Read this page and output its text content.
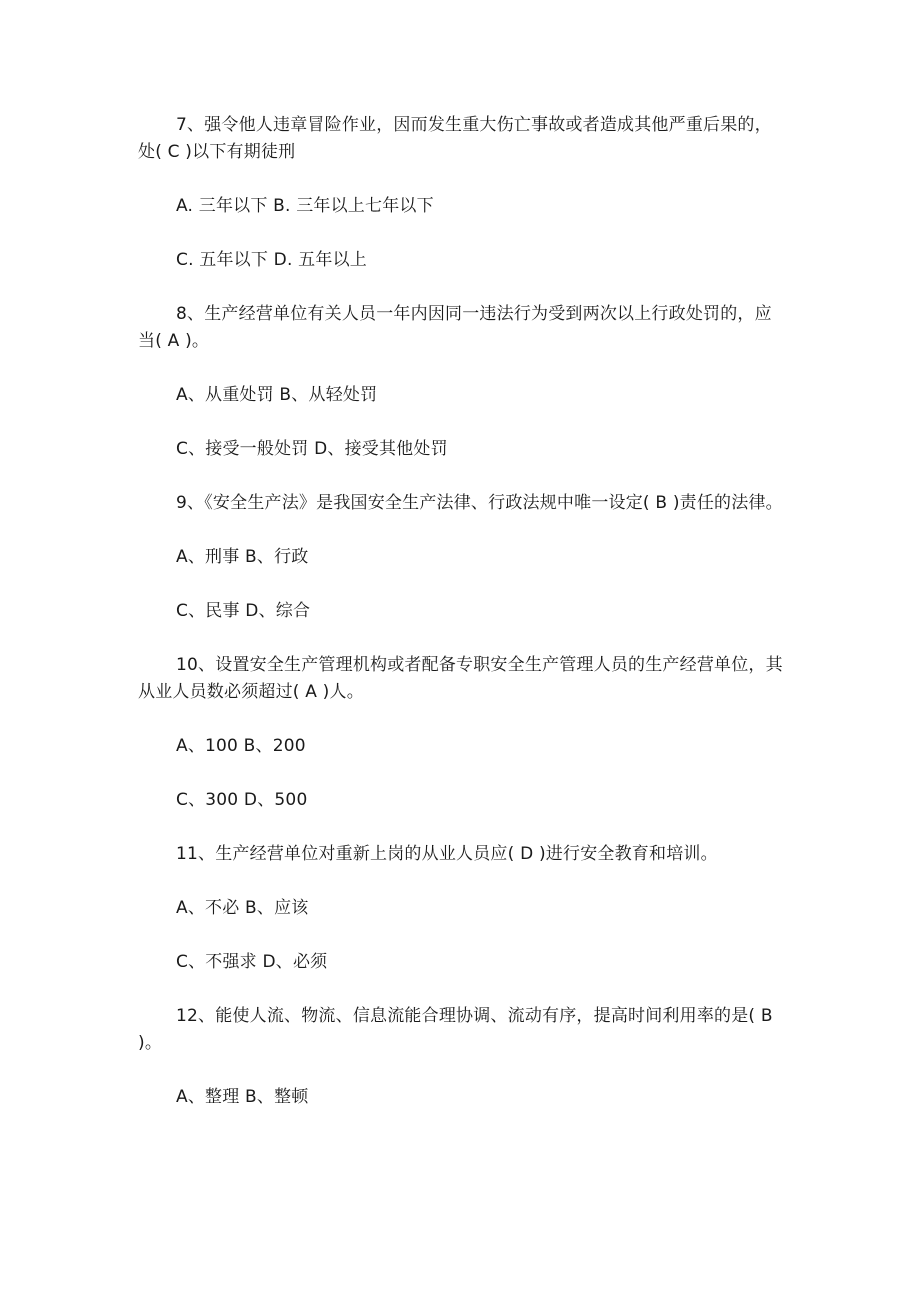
7、强令他人违章冒险作业，因而发生重大伤亡事故或者造成其他严重后果的，处( C )以下有期徒刑

A. 三年以下 B. 三年以上七年以下

C. 五年以下 D. 五年以上

8、生产经营单位有关人员一年内因同一违法行为受到两次以上行政处罚的，应当( A )。

A、从重处罚 B、从轻处罚

C、接受一般处罚 D、接受其他处罚

9、《安全生产法》是我国安全生产法律、行政法规中唯一设定( B )责任的法律。

A、刑事 B、行政

C、民事 D、综合

10、设置安全生产管理机构或者配备专职安全生产管理人员的生产经营单位，其从业人员数必须超过( A )人。

A、100 B、200

C、300 D、500

11、生产经营单位对重新上岗的从业人员应( D )进行安全教育和培训。

A、不必 B、应该

C、不强求 D、必须

12、能使人流、物流、信息流能合理协调、流动有序，提高时间利用率的是( B )。

A、整理 B、整顿
